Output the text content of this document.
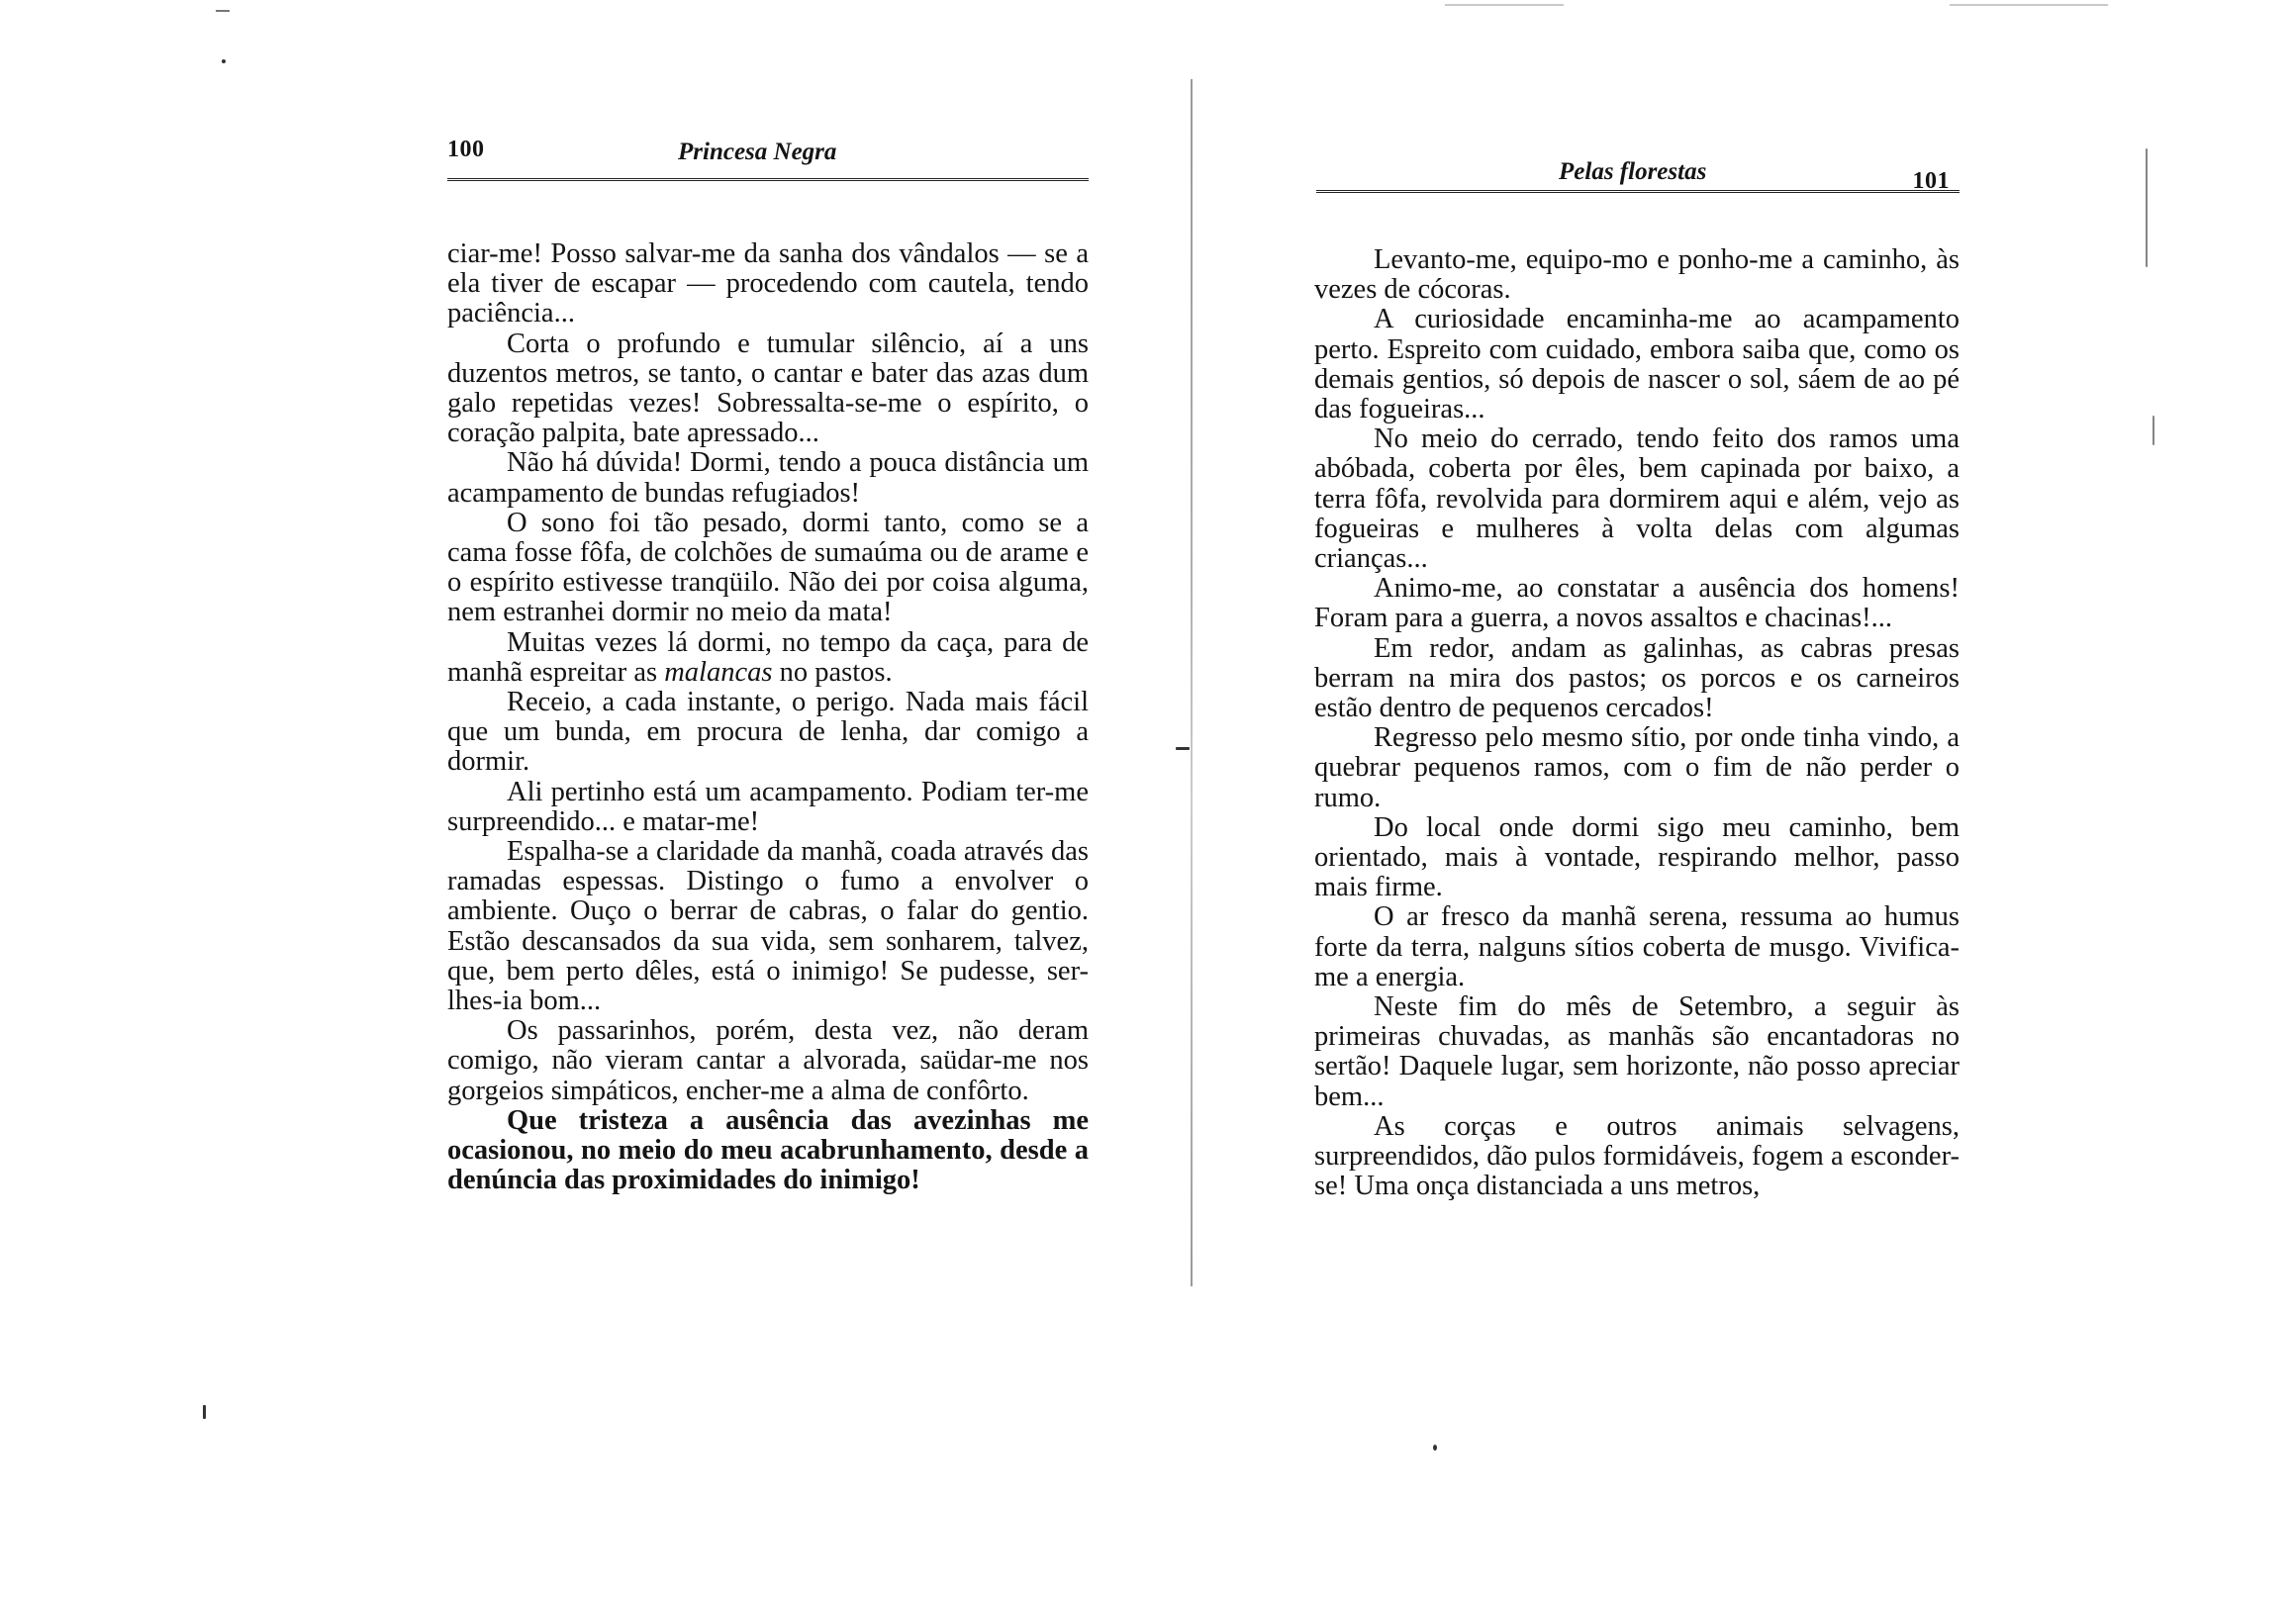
100	Princesa Negra

ciar-me! Posso salvar-me da sanha dos vândalos — se a ela tiver de escapar — procedendo com cautela, tendo paciência...

Corta o profundo e tumular silêncio, aí a uns duzentos metros, se tanto, o cantar e bater das azas dum galo repetidas vezes! Sobressalta-se-me o espírito, o coração palpita, bate apressado...

Não há dúvida! Dormi, tendo a pouca distância um acampamento de bundas refugiados!

O sono foi tão pesado, dormi tanto, como se a cama fosse fôfa, de colchões de sumaúma ou de arame e o espírito estivesse tranqüilo. Não dei por coisa alguma, nem estranhei dormir no meio da mata!

Muitas vezes lá dormi, no tempo da caça, para de manhã espreitar as malancas no pastos.

Receio, a cada instante, o perigo. Nada mais fácil que um bunda, em procura de lenha, dar comigo a dormir.

Ali pertinho está um acampamento. Podiam ter-me surpreendido... e matar-me!

Espalha-se a claridade da manhã, coada através das ramadas espessas. Distingo o fumo a envolver o ambiente. Ouço o berrar de cabras, o falar do gentio. Estão descansados da sua vida, sem sonharem, talvez, que, bem perto dêles, está o inimigo! Se pudesse, ser-lhes-ia bom...

Os passarinhos, porém, desta vez, não deram comigo, não vieram cantar a alvorada, saüdar-me nos gorgeios simpáticos, encher-me a alma de confôrto.

Que tristeza a ausência das avezinhas me ocasionou, no meio do meu acabrunhamento, desde a denúncia das proximidades do inimigo!

Pelas florestas	101

Levanto-me, equipo-mo e ponho-me a caminho, às vezes de cócoras.

A curiosidade encaminha-me ao acampamento perto. Espreito com cuidado, embora saiba que, como os demais gentios, só depois de nascer o sol, sáem de ao pé das fogueiras...

No meio do cerrado, tendo feito dos ramos uma abóbada, coberta por êles, bem capinada por baixo, a terra fôfa, revolvida para dormirem aqui e além, vejo as fogueiras e mulheres à volta delas com algumas crianças...

Animo-me, ao constatar a ausência dos homens! Foram para a guerra, a novos assaltos e chacinas!...

Em redor, andam as galinhas, as cabras presas berram na mira dos pastos; os porcos e os carneiros estão dentro de pequenos cercados!

Regresso pelo mesmo sítio, por onde tinha vindo, a quebrar pequenos ramos, com o fim de não perder o rumo.

Do local onde dormi sigo meu caminho, bem orientado, mais à vontade, respirando melhor, passo mais firme.

O ar fresco da manhã serena, ressuma ao humus forte da terra, nalguns sítios coberta de musgo. Vivifica-me a energia.

Neste fim do mês de Setembro, a seguir às primeiras chuvadas, as manhãs são encantadoras no sertão! Daquele lugar, sem horizonte, não posso apreciar bem...

As corças e outros animais selvagens, surpreendidos, dão pulos formidáveis, fogem a esconder-se! Uma onça distanciada a uns metros,
